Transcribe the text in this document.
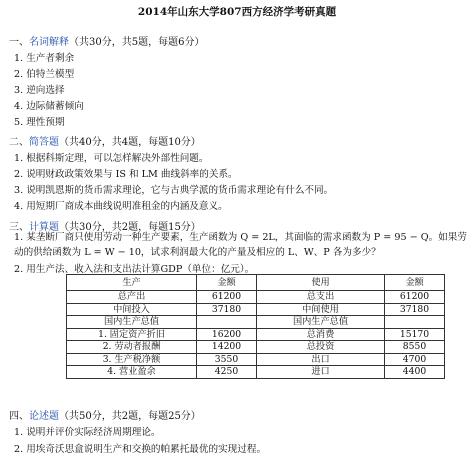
2014年山东大学807西方经济学考研真题
一、名词解释（共30分，共5题，每题6分）
1. 生产者剩余
2. 伯特兰模型
3. 逆向选择
4. 边际储蓄倾向
5. 理性预期
二、简答题（共40分，共4题，每题10分）
1. 根据科斯定理，可以怎样解决外部性问题。
2. 说明财政政策效果与 IS 和 LM 曲线斜率的关系。
3. 说明凯恩斯的货币需求理论，它与古典学派的货币需求理论有什么不同。
4. 用短期厂商成本曲线说明准租金的内涵及意义。
三、计算题（共30分，共2题，每题15分）
1. 某垄断厂商只使用劳动一种生产要素，生产函数为 Q = 2L，其面临的需求函数为 P = 95 − Q。如果劳动的供给函数为 L = W − 10，试求利润最大化的产量及相应的 L、W、P 各为多少？
2. 用生产法、收入法和支出法计算GDP（单位：亿元）。
生产	金额	使用	金额
总产出	61200	总支出	61200
中间投入	37180	中间使用	37180
国内生产总值		国内生产总值	
1. 固定资产折旧	16200	总消费	15170
2. 劳动者报酬	14200	总投资	8550
3. 生产税净额	3550	出口	4700
4. 营业盈余	4250	进口	4400
四、论述题（共50分，共2题，每题25分）
1. 说明并评价实际经济周期理论。
2. 用埃奇沃思盒说明生产和交换的帕累托最优的实现过程。
